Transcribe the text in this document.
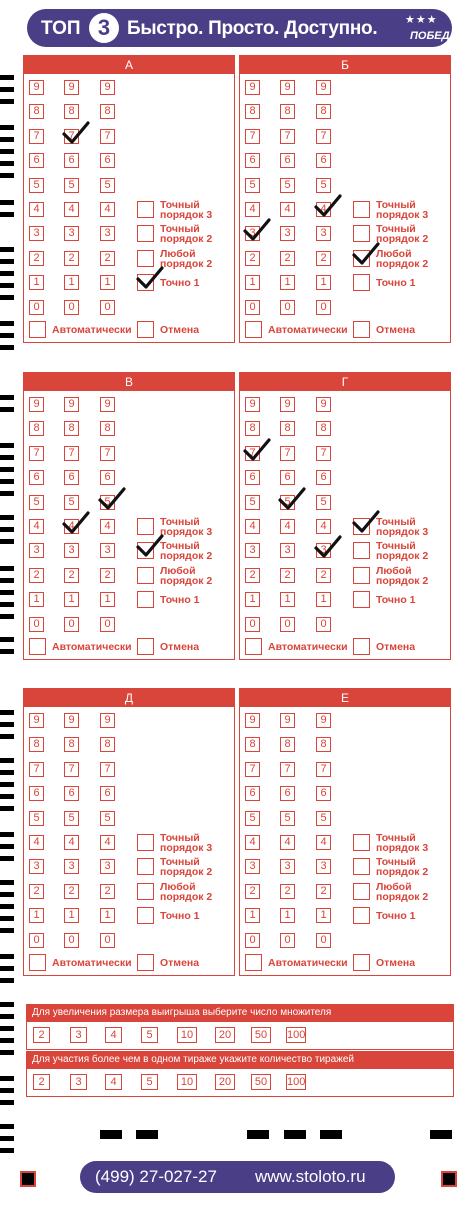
ТОП 3 Быстро. Просто. Доступно.	★★★
ПОБЕДА
А
9	9	9
8	8	8
7	7	7
6	6	6
5	5	5
4	4	4
3	3	3
2	2	2
1	1	1
0	0	0
Точный
порядок 3
Точный
порядок 2
Любой
порядок 2
Точно 1
Автоматически	Отмена
Б
9	9	9
8	8	8
7	7	7
6	6	6
5	5	5
4	4	4
3	3	3
2	2	2
1	1	1
0	0	0
Точный
порядок 3
Точный
порядок 2
Любой
порядок 2
Точно 1
Автоматически	Отмена
В
9	9	9
8	8	8
7	7	7
6	6	6
5	5	5
4	4	4
3	3	3
2	2	2
1	1	1
0	0	0
Точный
порядок 3
Точный
порядок 2
Любой
порядок 2
Точно 1
Автоматически	Отмена
Г
9	9	9
8	8	8
7	7	7
6	6	6
5	5	5
4	4	4
3	3	3
2	2	2
1	1	1
0	0	0
Точный
порядок 3
Точный
порядок 2
Любой
порядок 2
Точно 1
Автоматически	Отмена
Д
9	9	9
8	8	8
7	7	7
6	6	6
5	5	5
4	4	4
3	3	3
2	2	2
1	1	1
0	0	0
Точный
порядок 3
Точный
порядок 2
Любой
порядок 2
Точно 1
Автоматически	Отмена
Е
9	9	9
8	8	8
7	7	7
6	6	6
5	5	5
4	4	4
3	3	3
2	2	2
1	1	1
0	0	0
Точный
порядок 3
Точный
порядок 2
Любой
порядок 2
Точно 1
Автоматически	Отмена
Для увеличения размера выигрыша выберите число множителя
2	3	4	5	10	20	50	100
Для участия более чем в одном тираже укажите количество тиражей
2	3	4	5	10	20	50	100
(499) 27-027-27 www.stoloto.ru
